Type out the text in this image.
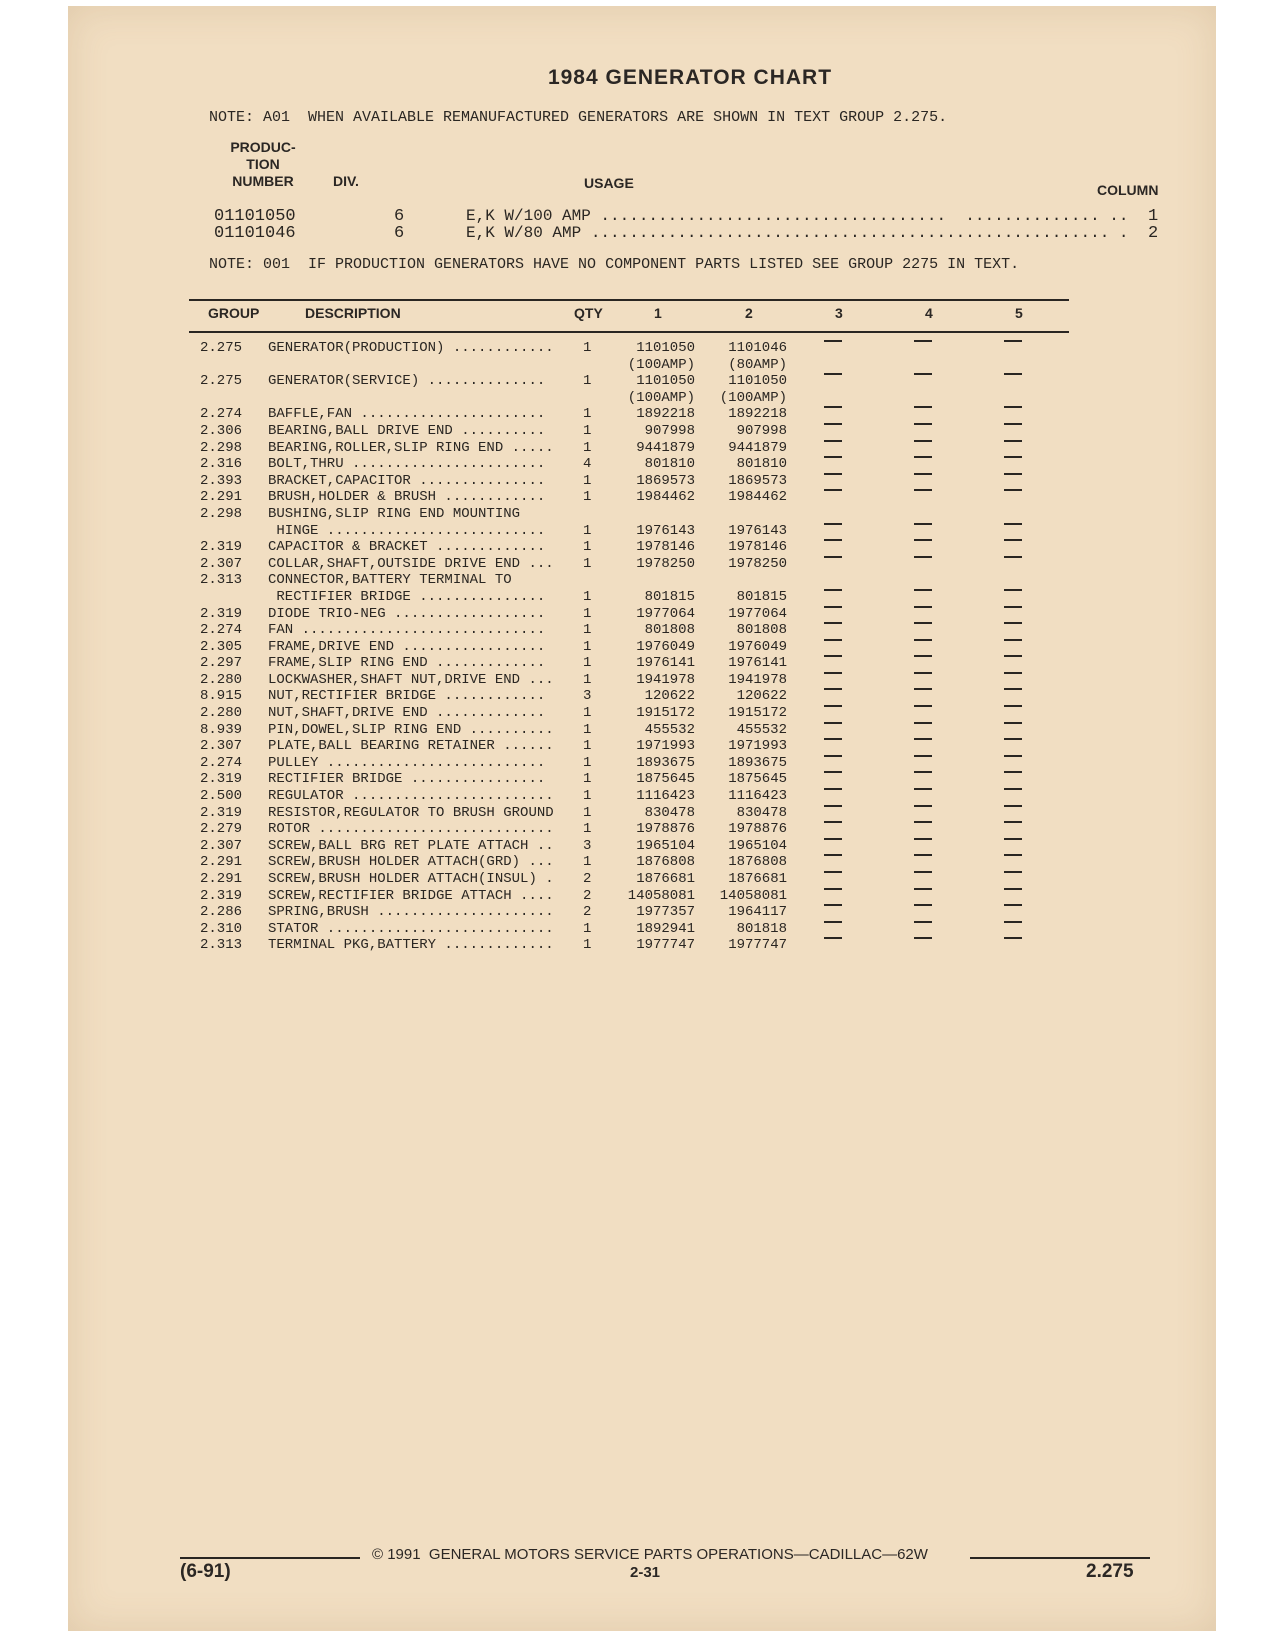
1984 GENERATOR CHART
NOTE: A01  WHEN AVAILABLE REMANUFACTURED GENERATORS ARE SHOWN IN TEXT GROUP 2.275.
PRODUC-
TION
NUMBER	DIV.	USAGE	COLUMN
01101050	6	E,K W/100 AMP ....................................  .............. .. 1
01101046	6	E,K W/80 AMP ...................................................... . 2
NOTE: 001  IF PRODUCTION GENERATORS HAVE NO COMPONENT PARTS LISTED SEE GROUP 2275 IN TEXT.
GROUP	DESCRIPTION	QTY	1	2	3	4	5
2.275 GENERATOR(PRODUCTION) ............ 1	1101050	1101046
(100AMP)	(80AMP)
2.275 GENERATOR(SERVICE) ..............	1	1101050	1101050
(100AMP)	(100AMP)
2.274 BAFFLE,FAN ......................	1	1892218	1892218
2.306 BEARING,BALL DRIVE END ..........	1	907998	907998
2.298 BEARING,ROLLER,SLIP RING END ..... 1	9441879	9441879
2.316 BOLT,THRU .......................	4	801810	801810
2.393 BRACKET,CAPACITOR ...............	1	1869573	1869573
2.291 BRUSH,HOLDER & BRUSH ............	1	1984462	1984462
2.298 BUSHING,SLIP RING END MOUNTING
HINGE ..........................	1	1976143	1976143
2.319 CAPACITOR & BRACKET .............	1	1978146	1978146
2.307 COLLAR,SHAFT,OUTSIDE DRIVE END ... 1	1978250	1978250
2.313 CONNECTOR,BATTERY TERMINAL TO
RECTIFIER BRIDGE ...............	1	801815	801815
2.319 DIODE TRIO-NEG ..................	1	1977064	1977064
2.274 FAN .............................	1	801808	801808
2.305 FRAME,DRIVE END .................	1	1976049	1976049
2.297 FRAME,SLIP RING END .............	1	1976141	1976141
2.280 LOCKWASHER,SHAFT NUT,DRIVE END ... 1	1941978	1941978
8.915 NUT,RECTIFIER BRIDGE ............	3	120622	120622
2.280 NUT,SHAFT,DRIVE END .............	1	1915172	1915172
8.939 PIN,DOWEL,SLIP RING END .......... 1	455532	455532
2.307 PLATE,BALL BEARING RETAINER ...... 1	1971993	1971993
2.274 PULLEY ..........................	1	1893675	1893675
2.319 RECTIFIER BRIDGE ................	1	1875645	1875645
2.500 REGULATOR ........................ 1	1116423	1116423
2.319 RESISTOR,REGULATOR TO BRUSH GROUND 1	830478	830478
2.279 ROTOR ............................ 1	1978876	1978876
2.307 SCREW,BALL BRG RET PLATE ATTACH .. 3	1965104	1965104
2.291 SCREW,BRUSH HOLDER ATTACH(GRD) ... 1	1876808	1876808
2.291 SCREW,BRUSH HOLDER ATTACH(INSUL) . 2	1876681	1876681
2.319 SCREW,RECTIFIER BRIDGE ATTACH .... 2	14058081	14058081
2.286 SPRING,BRUSH ..................... 2	1977357	1964117
2.310 STATOR ........................... 1	1892941	801818
2.313 TERMINAL PKG,BATTERY ............. 1	1977747	1977747
© 1991  GENERAL MOTORS SERVICE PARTS OPERATIONS—CADILLAC—62W
(6-91)	2-31	2.275
